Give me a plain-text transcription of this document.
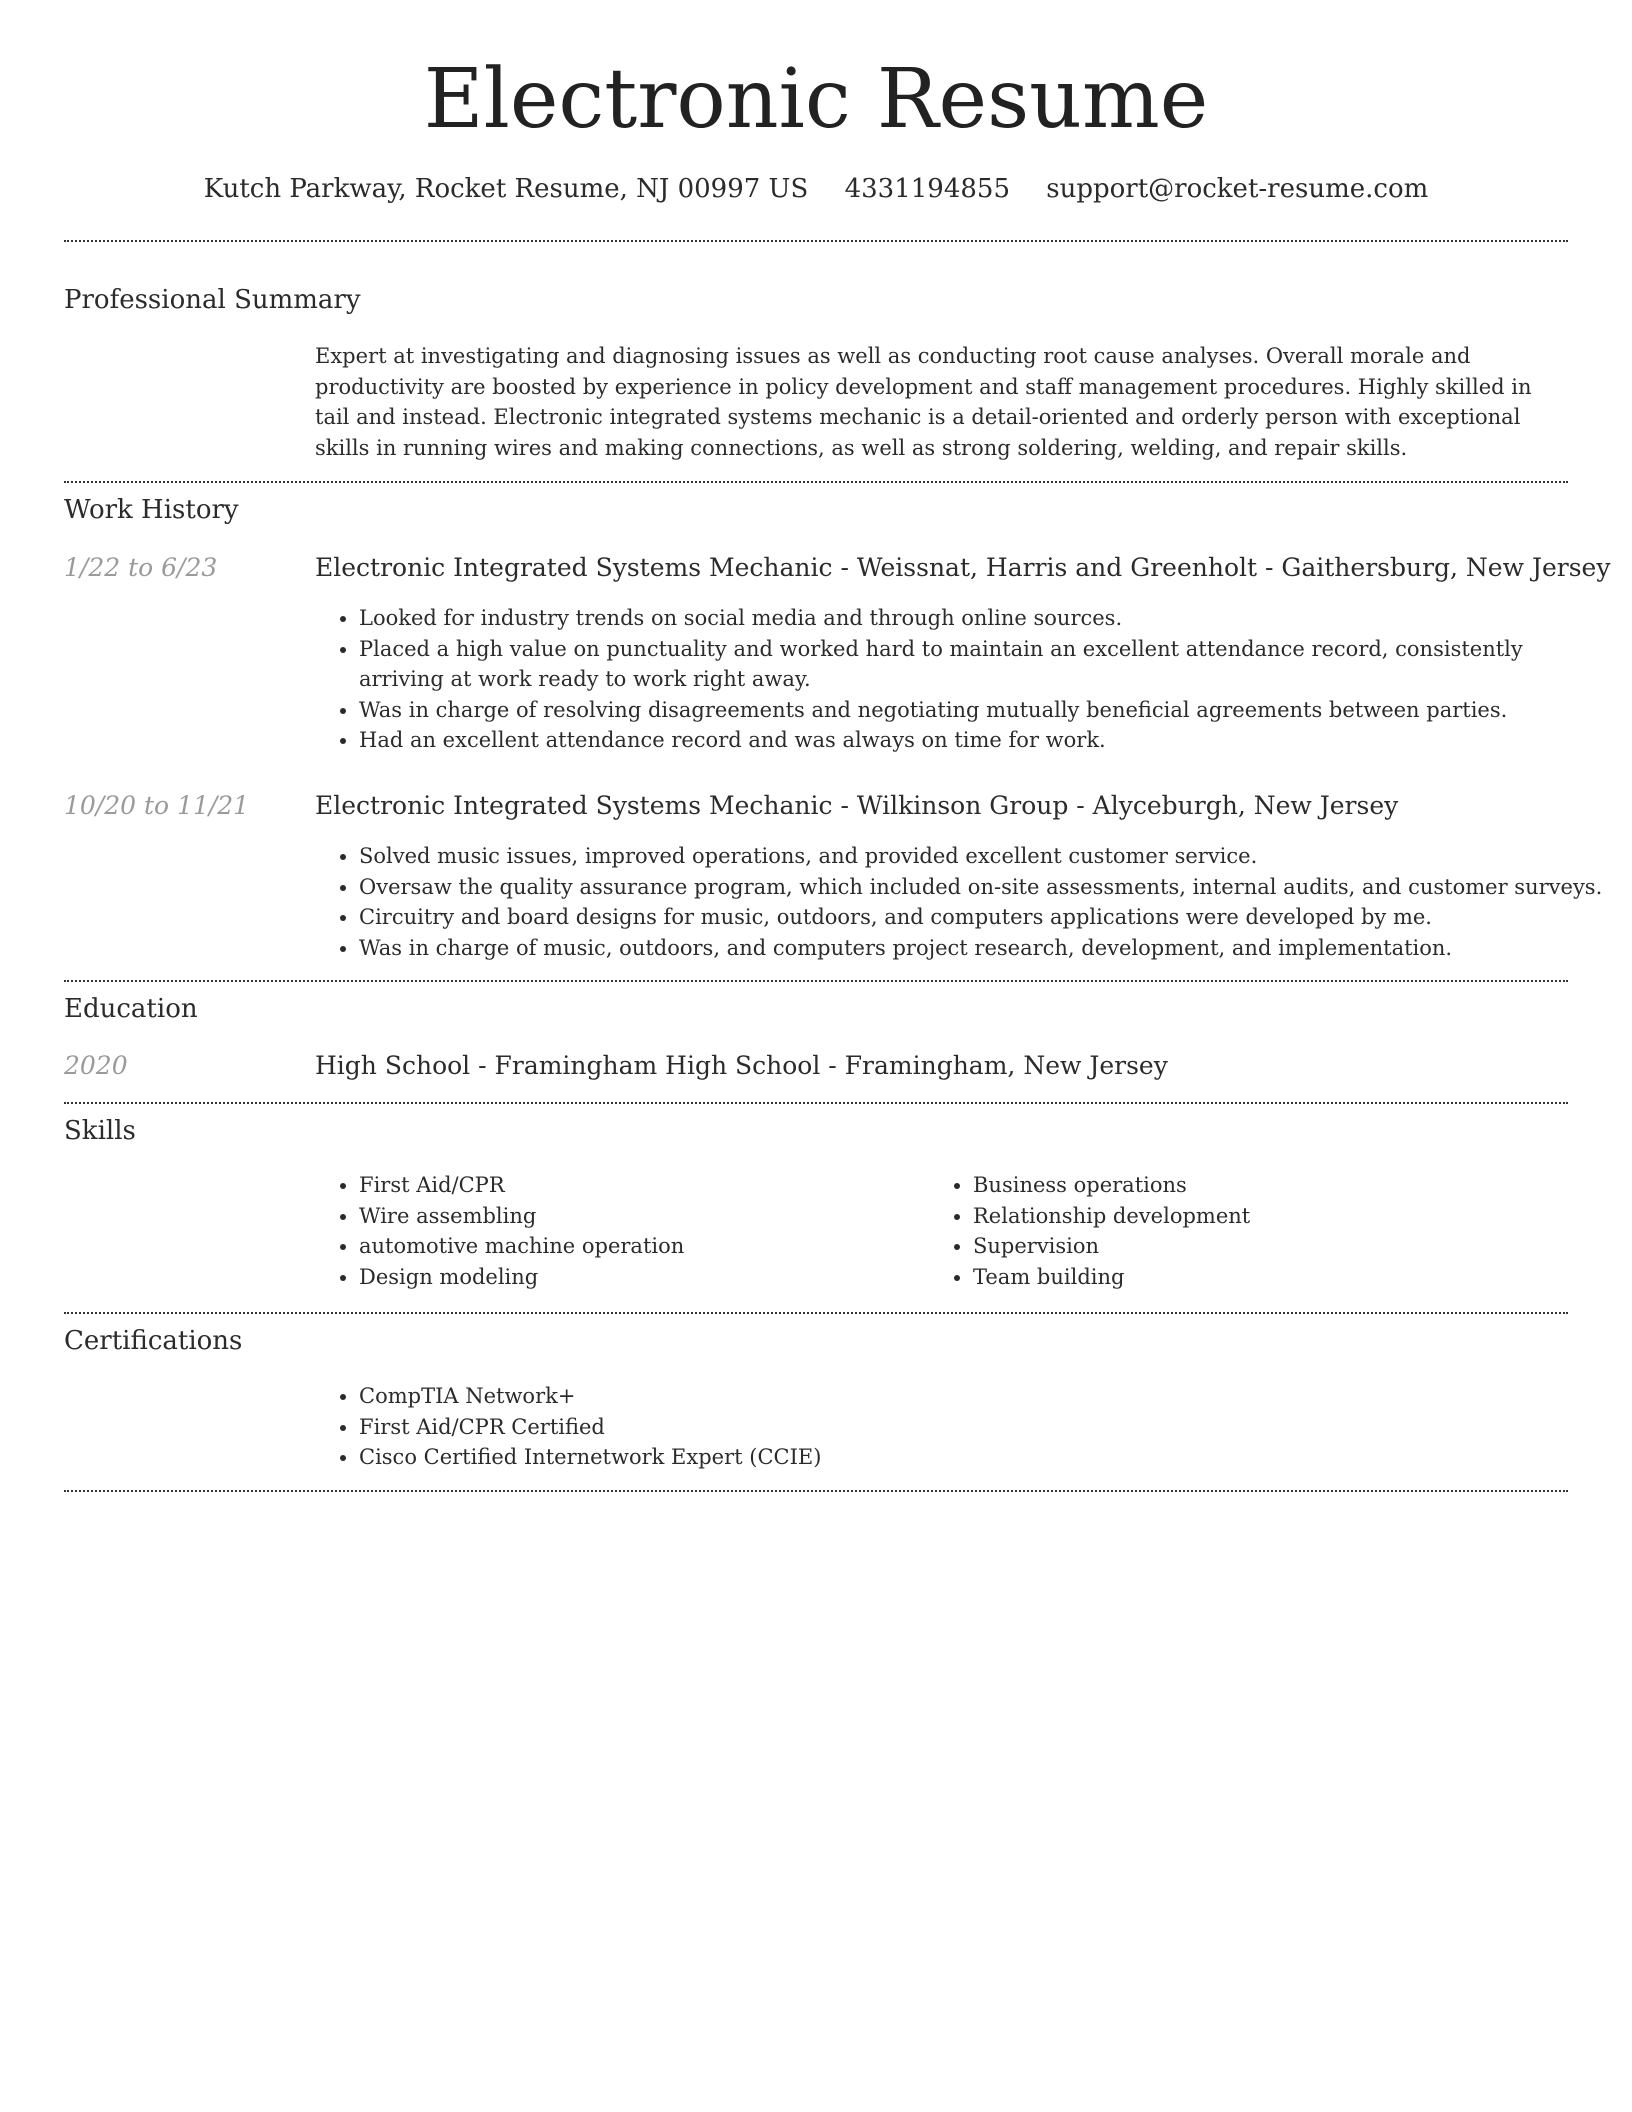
Electronic Resume
Kutch Parkway, Rocket Resume, NJ 00997 US 4331194855 support@rocket-resume.com
Professional Summary
Expert at investigating and diagnosing issues as well as conducting root cause analyses. Overall morale and productivity are boosted by experience in policy development and staff management procedures. Highly skilled in tail and instead. Electronic integrated systems mechanic is a detail-oriented and orderly person with exceptional skills in running wires and making connections, as well as strong soldering, welding, and repair skills.
Work History
1/22 to 6/23	Electronic Integrated Systems Mechanic - Weissnat, Harris and Greenholt - Gaithersburg, New Jersey
• Looked for industry trends on social media and through online sources.
• Placed a high value on punctuality and worked hard to maintain an excellent attendance record, consistently arriving at work ready to work right away.
• Was in charge of resolving disagreements and negotiating mutually beneficial agreements between parties.
• Had an excellent attendance record and was always on time for work.
10/20 to 11/21	Electronic Integrated Systems Mechanic - Wilkinson Group - Alyceburgh, New Jersey
• Solved music issues, improved operations, and provided excellent customer service.
• Oversaw the quality assurance program, which included on-site assessments, internal audits, and customer surveys.
• Circuitry and board designs for music, outdoors, and computers applications were developed by me.
• Was in charge of music, outdoors, and computers project research, development, and implementation.
Education
2020	High School - Framingham High School - Framingham, New Jersey
Skills
• First Aid/CPR
• Wire assembling
• automotive machine operation
• Design modeling
• Business operations
• Relationship development
• Supervision
• Team building
Certifications
• CompTIA Network+
• First Aid/CPR Certified
• Cisco Certified Internetwork Expert (CCIE)
